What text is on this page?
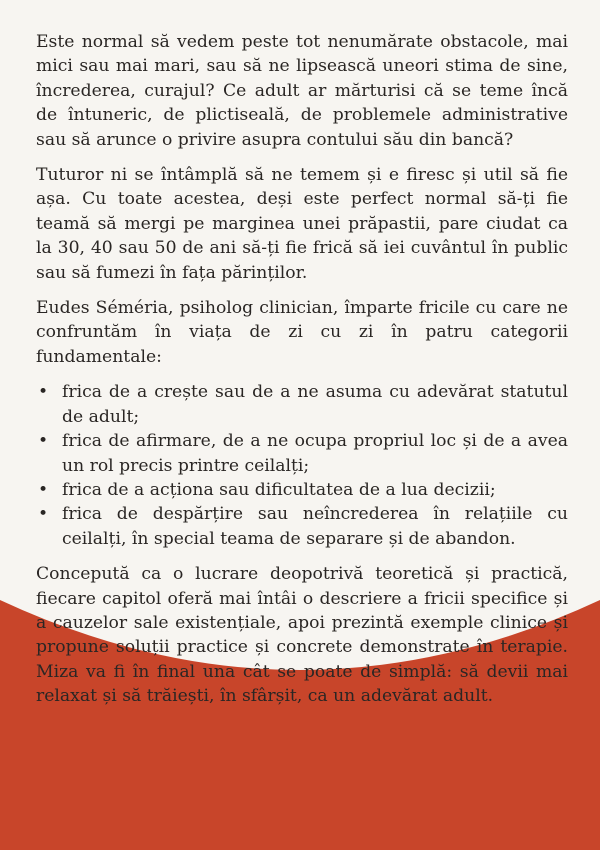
Este normal să vedem peste tot nenumărate obstacole, mai mici sau mai mari, sau să ne lipsească uneori stima de sine, încrederea, curajul? Ce adult ar mărturisi că se teme încă de întuneric, de plictiseală, de problemele administrative sau să arunce o privire asupra contului său din bancă?

Tuturor ni se întâmplă să ne temem și e firesc și util să fie așa. Cu toate acestea, deși este perfect normal să-ți fie teamă să mergi pe marginea unei prăpastii, pare ciudat ca la 30, 40 sau 50 de ani să-ți fie frică să iei cuvântul în public sau să fumezi în fața părinților.

Eudes Séméria, psiholog clinician, împarte fricile cu care ne confruntăm în viața de zi cu zi în patru categorii fundamentale:

• frica de a crește sau de a ne asuma cu adevărat statutul de adult;
• frica de afirmare, de a ne ocupa propriul loc și de a avea un rol precis printre ceilalți;
• frica de a acționa sau dificultatea de a lua decizii;
• frica de despărțire sau neîncrederea în relațiile cu ceilalți, în special teama de separare și de abandon.

Concepută ca o lucrare deopotrivă teoretică și practică, fiecare capitol oferă mai întâi o descriere a fricii specifice și a cauzelor sale existențiale, apoi prezintă exemple clinice și propune soluții practice și concrete demonstrate în terapie. Miza va fi în final una cât se poate de simplă: să devii mai relaxat și să trăiești, în sfârșit, ca un adevărat adult.
